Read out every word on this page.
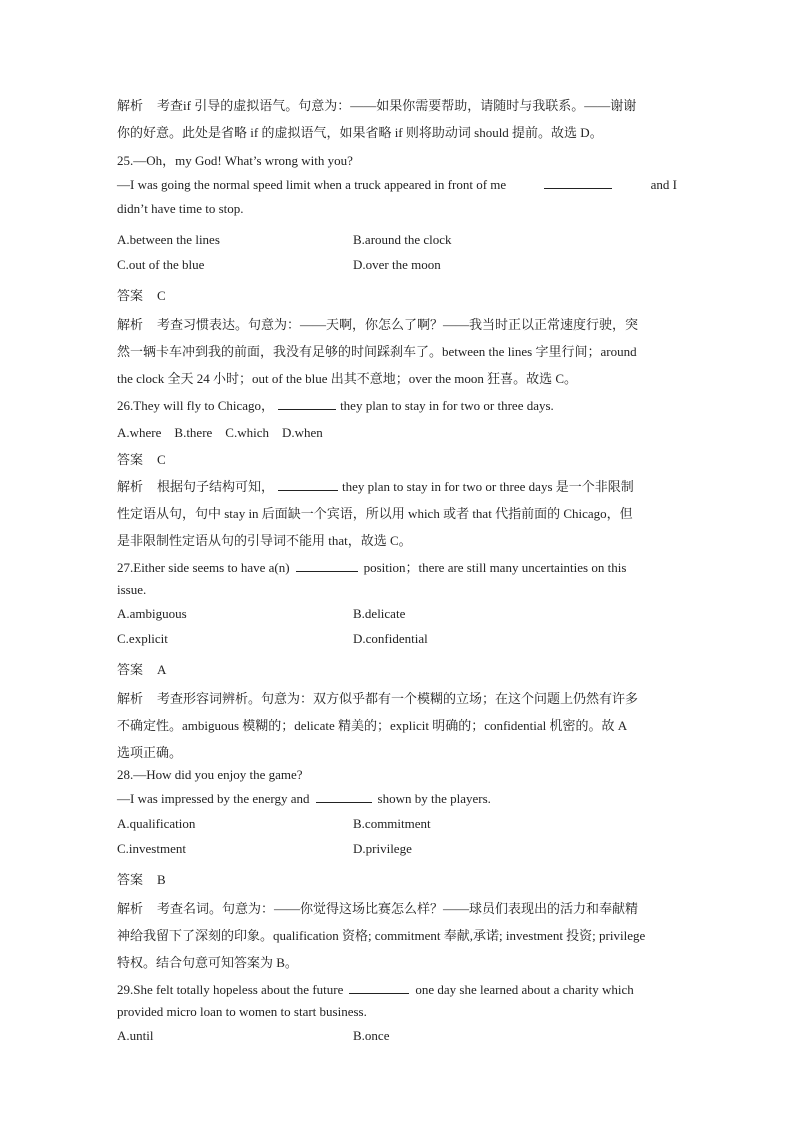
解析 考查if 引导的虚拟语气。句意为：——如果你需要帮助，请随时与我联系。——谢谢

你的好意。此处是省略 if 的虚拟语气，如果省略 if 则将助动词 should 提前。故选 D。

25.—Oh，my God! What’s wrong with you?

—I was going the normal speed limit when a truck appeared in front of me	and I

didn’t have time to stop.

A.between the lines	B.around the clock
C.out of the blue	D.over the moon

答案 C

解析 考查习惯表达。句意为：——天啊，你怎么了啊？——我当时正以正常速度行驶，突

然一辆卡车冲到我的前面，我没有足够的时间踩刹车了。between the lines 字里行间；around

the clock 全天 24 小时；out of the blue 出其不意地；over the moon 狂喜。故选 C。

26.They will fly to Chicago，	they plan to stay in for two or three days.

A.where    B.there    C.which    D.when

答案 C

解析 根据句子结构可知，	they plan to stay in for two or three days 是一个非限制

性定语从句，句中 stay in 后面缺一个宾语，所以用 which 或者 that 代指前面的 Chicago，但

是非限制性定语从句的引导词不能用 that，故选 C。

27.Either side seems to have a(n)	position；there are still many uncertainties on this

issue.

A.ambiguous	B.delicate
C.explicit	D.confidential

答案 A

解析 考查形容词辨析。句意为：双方似乎都有一个模糊的立场；在这个问题上仍然有许多

不确定性。ambiguous 模糊的；delicate 精美的；explicit 明确的；confidential 机密的。故 A

选项正确。

28.—How did you enjoy the game?

—I was impressed by the energy and	shown by the players.

A.qualification	B.commitment
C.investment	D.privilege

答案 B

解析 考查名词。句意为：——你觉得这场比赛怎么样？——球员们表现出的活力和奉献精

神给我留下了深刻的印象。qualification 资格; commitment 奉献,承诺; investment 投资; privilege

特权。结合句意可知答案为 B。

29.She felt totally hopeless about the future	one day she learned about a charity which

provided micro loan to women to start business.

A.until	B.once
